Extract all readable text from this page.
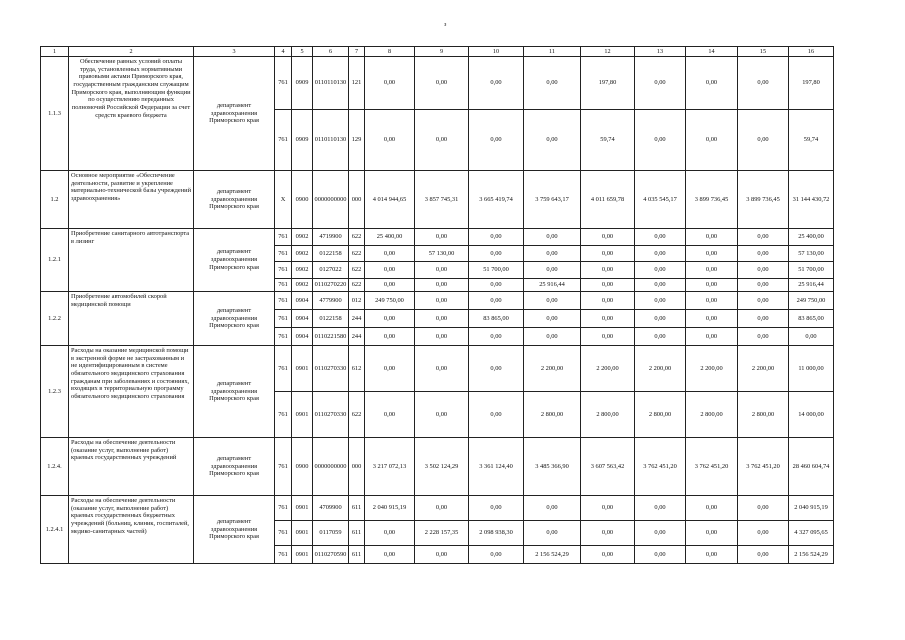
з
1	2	3	4	5	6	7	8	9	10	11	12	13	14	15	16
1.1.3	Обеспечение равных условий оплаты труда, установленных нормативными правовыми актами Приморского края, государственным гражданским служащим Приморского края, выполняющим функции по осуществлению переданных полномочий Российской Федерации за счет средств краевого бюджета	департамент здравоохранения Приморского края	761	0909	0110110130	121	0,00	0,00	0,00	0,00	197,80	0,00	0,00	0,00	197,80
			761	0909	0110110130	129	0,00	0,00	0,00	0,00	59,74	0,00	0,00	0,00	59,74
1.2	Основное мероприятие «Обеспечение деятельности, развитие и укрепление материально-технической базы учреждений здравоохранения»	департамент здравоохранения Приморского края	Х	0900	0000000000	000	4 014 944,65	3 857 745,31	3 665 419,74	3 759 643,17	4 011 659,78	4 035 545,17	3 899 736,45	3 899 736,45	31 144 430,72
1.2.1	Приобретение санитарного автотранспорта в лизинг	департамент здравоохранения Приморского края	761	0902	4719900	622	25 400,00	0,00	0,00	0,00	0,00	0,00	0,00	0,00	25 400,00
			761	0902	0122158	622	0,00	57 130,00	0,00	0,00	0,00	0,00	0,00	0,00	57 130,00
			761	0902	0127022	622	0,00	0,00	51 700,00	0,00	0,00	0,00	0,00	0,00	51 700,00
			761	0902	0110270220	622	0,00	0,00	0,00	25 916,44	0,00	0,00	0,00	0,00	25 916,44
1.2.2	Приобретение автомобилей скорой медицинской помощи	департамент здравоохранения Приморского края	761	0904	4779900	012	249 750,00	0,00	0,00	0,00	0,00	0,00	0,00	0,00	249 750,00
			761	0904	0122158	244	0,00	0,00	83 865,00	0,00	0,00	0,00	0,00	0,00	83 865,00
			761	0904	0110221580	244	0,00	0,00	0,00	0,00	0,00	0,00	0,00	0,00	0,00
1.2.3	Расходы на оказание медицинской помощи в экстренной форме не застрахованным и не идентифицированным в системе обязательного медицинского страхования гражданам при заболеваниях и состояниях, входящих в территориальную программу обязательного медицинского страхования	департамент здравоохранения Приморского края	761	0901	0110270330	612	0,00	0,00	0,00	2 200,00	2 200,00	2 200,00	2 200,00	2 200,00	11 000,00
			761	0901	0110270330	622	0,00	0,00	0,00	2 800,00	2 800,00	2 800,00	2 800,00	2 800,00	14 000,00
1.2.4.	Расходы на обеспечение деятельности (оказание услуг, выполнение работ) краевых государственных учреждений	департамент здравоохранения Приморского края	761	0900	0000000000	000	3 217 072,13	3 502 124,29	3 361 124,40	3 485 366,90	3 607 563,42	3 762 451,20	3 762 451,20	3 762 451,20	28 460 604,74
1.2.4.1	Расходы на обеспечение деятельности (оказание услуг, выполнение работ) краевых государственных бюджетных учреждений (больниц, клиник, госпиталей, медико-санитарных частей)	департамент здравоохранения Приморского края	761	0901	4709900	611	2 040 915,19	0,00	0,00	0,00	0,00	0,00	0,00	0,00	2 040 915,19
			761	0901	0117059	611	0,00	2 228 157,35	2 098 938,30	0,00	0,00	0,00	0,00	0,00	4 327 095,65
			761	0901	0110270590	611	0,00	0,00	0,00	2 156 524,29	0,00	0,00	0,00	0,00	2 156 524,29
